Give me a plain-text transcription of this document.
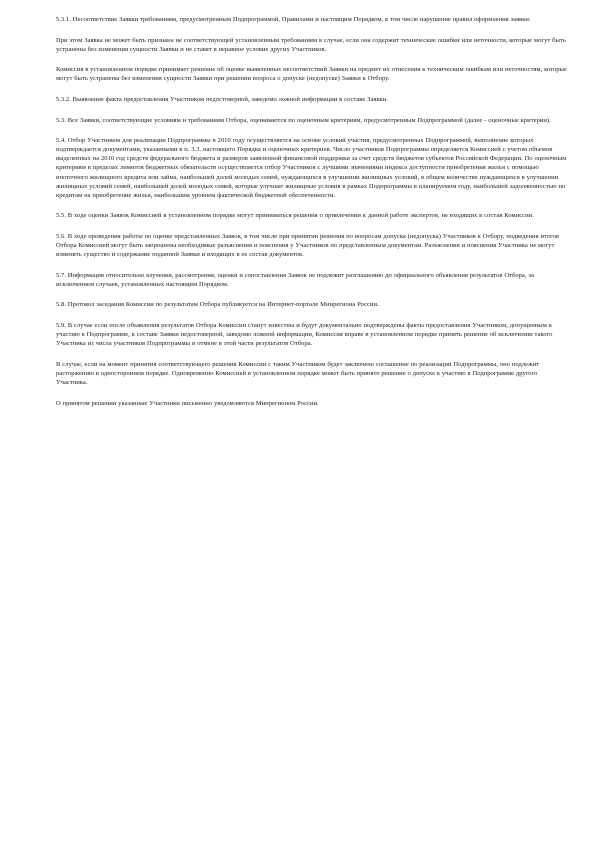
5.3.1. Несоответствие Заявки требованиям, предусмотренным Подпрограммой, Правилами и настоящим Порядком, в том числе нарушение правил оформления заявки.

При этом Заявка не может быть признана не соответствующей установленным требованиям в случае, если она содержит технические ошибки или неточности, которые могут быть устранены без изменения сущности Заявки и не ставят в неравное условие других Участников.

Комиссия в установленном порядке принимает решение об оценке выявленных несоответствий Заявки на предмет их отнесения к техническим ошибкам или неточностям, которые могут быть устранены без изменения сущности Заявки при решении вопроса о допуске (недопуске) Заявки к Отбору.

5.3.2. Выявление факта предоставления Участником недостоверной, заведомо ложной информации в составе Заявки.

5.3. Все Заявки, соответствующие условиям и требованиям Отбора, оцениваются по оценочным критериям, предусмотренным Подпрограммой (далее - оценочные критерии).

5.4. Отбор Участников для реализации Подпрограммы в 2010 году осуществляется на основе условий участия, предусмотренных Подпрограммой, выполнение которых подтверждается документами, указанными в п. 3.3. настоящего Порядка и оценочных критериев. Число участников Подпрограммы определяется Комиссией с учетом объемов выделенных на 2010 год средств федерального бюджета и размеров заявленной финансовой поддержки за счет средств бюджетов субъектов Российской Федерации. По оценочным критериям в пределах лимитов бюджетных обязательств осуществляется отбор Участников с лучшими значениями индекса доступности приобретения жилья с помощью ипотечного жилищного кредита или займа, наибольшей долей молодых семей, нуждающихся в улучшении жилищных условий, в общем количестве нуждающихся в улучшении жилищных условий семей, наибольшей долей молодых семей, которые улучшат жилищные условия в рамках Подпрограммы в планируемом году, наибольшей задолженностью по кредитам на приобретение жилья, наибольшим уровнем фактической бюджетной обеспеченности.

5.5. В ходе оценки Заявок Комиссией в установленном порядке могут приниматься решения о привлечении к данной работе экспертов, не входящих в состав Комиссии.

5.6. В ходе проведения работы по оценке представленных Заявок, в том числе при принятии решения по вопросам допуска (недопуска) Участников к Отбору, подведения итогов Отбора Комиссией могут быть запрошены необходимые разъяснения и пояснения у Участников по представленным документам. Разъяснения и пояснения Участника не могут изменять существо и содержание поданной Заявки и входящих в ее состав документов.

5.7. Информация относительно изучения, рассмотрения, оценки и сопоставления Заявок не подлежит разглашению до официального объявления результатов Отбора, за исключением случаев, установленных настоящим Порядком.

5.8. Протокол заседания Комиссии по результатам Отбора публикуется на Интернет-портале Минрегиона России.

5.9. В случае если после объявления результатов Отбора Комиссии станут известны и будут документально подтверждены факты предоставления Участником, допущенным к участию в Подпрограмме, в составе Заявки недостоверной, заведомо ложной информации, Комиссия вправе в установленном порядке принять решение об исключении такого Участника из числа участников Подпрограммы и отмене в этой части результатов Отбора.

В случае, если на момент принятия соответствующего решения Комиссии с таким Участником будет заключено соглашение по реализации Подпрограммы, оно подлежит расторжению в одностороннем порядке. Одновременно Комиссией в установленном порядке может быть принято решение о допуске к участию в Подпрограмме другого Участника.

О принятом решении указанные Участники письменно уведомляются Минрегионом России.
